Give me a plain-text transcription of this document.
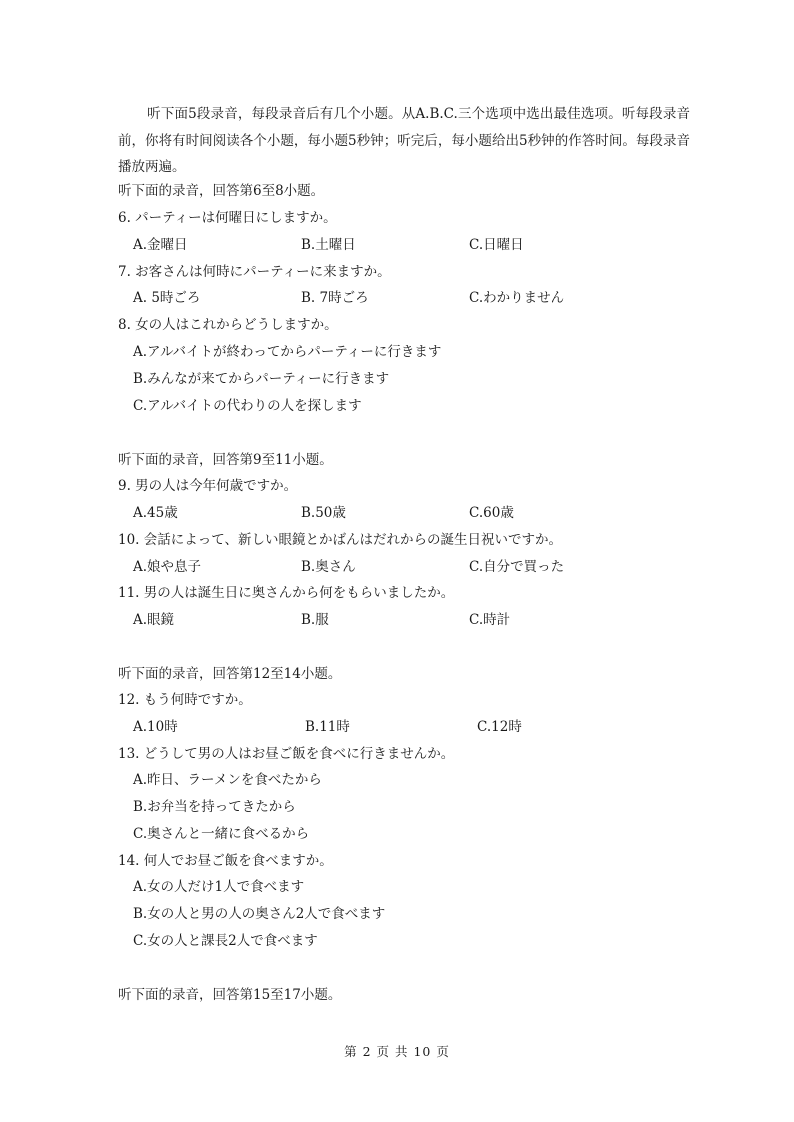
听下面5段录音，每段录音后有几个小题。从A.B.C.三个选项中选出最佳选项。听每段录音前，你将有时间阅读各个小题，每小题5秒钟；听完后，每小题给出5秒钟的作答时间。每段录音播放两遍。
听下面的录音，回答第6至8小题。
6. パーティーは何曜日にしますか。
A.金曜日	B.土曜日	C.日曜日
7. お客さんは何時にパーティーに来ますか。
A. 5時ごろ	B. 7時ごろ	C.わかりません
8. 女の人はこれからどうしますか。
A.アルバイトが終わってからパーティーに行きます
B.みんなが来てからパーティーに行きます
C.アルバイトの代わりの人を探します
听下面的录音，回答第9至11小题。
9. 男の人は今年何歳ですか。
A.45歳	B.50歳	C.60歳
10. 会話によって、新しい眼鏡とかばんはだれからの誕生日祝いですか。
A.娘や息子	B.奥さん	C.自分で買った
11. 男の人は誕生日に奥さんから何をもらいましたか。
A.眼鏡	B.服	C.時計
听下面的录音，回答第12至14小题。
12. もう何時ですか。
A.10時	B.11時	C.12時
13. どうして男の人はお昼ご飯を食べに行きませんか。
A.昨日、ラーメンを食べたから
B.お弁当を持ってきたから
C.奥さんと一緒に食べるから
14. 何人でお昼ご飯を食べますか。
A.女の人だけ1人で食べます
B.女の人と男の人の奥さん2人で食べます
C.女の人と課長2人で食べます
听下面的录音，回答第15至17小题。
第 2 页 共 10 页
